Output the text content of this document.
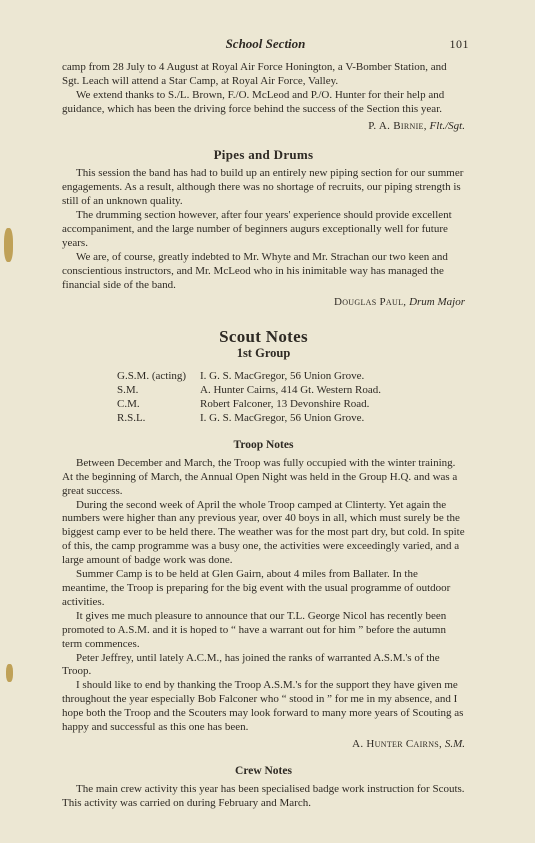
School Section	101

camp from 28 July to 4 August at Royal Air Force Honington, a V-Bomber Station, and Sgt. Leach will attend a Star Camp, at Royal Air Force, Valley.

We extend thanks to S./L. Brown, F./O. McLeod and P./O. Hunter for their help and guidance, which has been the driving force behind the success of the Section this year.

P. A. Birnie, Flt./Sgt.

Pipes and Drums

This session the band has had to build up an entirely new piping section for our summer engagements. As a result, although there was no shortage of recruits, our piping strength is still of an unknown quality.

The drumming section however, after four years' experience should provide excellent accompaniment, and the large number of beginners augurs exceptionally well for future years.

We are, of course, greatly indebted to Mr. Whyte and Mr. Strachan our two keen and conscientious instructors, and Mr. McLeod who in his inimitable way has managed the financial side of the band.

Douglas Paul, Drum Major

Scout Notes
1st Group
G.S.M. (acting)	I. G. S. MacGregor, 56 Union Grove.
S.M.	A. Hunter Cairns, 414 Gt. Western Road.
C.M.	Robert Falconer, 13 Devonshire Road.
R.S.L.	I. G. S. MacGregor, 56 Union Grove.
Troop Notes

Between December and March, the Troop was fully occupied with the winter training. At the beginning of March, the Annual Open Night was held in the Group H.Q. and was a great success.

During the second week of April the whole Troop camped at Clinterty. Yet again the numbers were higher than any previous year, over 40 boys in all, which must surely be the biggest camp ever to be held there. The weather was for the most part dry, but cold. In spite of this, the camp programme was a busy one, the activities were exceedingly varied, and a large amount of badge work was done.

Summer Camp is to be held at Glen Gairn, about 4 miles from Ballater. In the meantime, the Troop is preparing for the big event with the usual programme of outdoor activities.

It gives me much pleasure to announce that our T.L. George Nicol has recently been promoted to A.S.M. and it is hoped to “ have a warrant out for him ” before the autumn term commences.

Peter Jeffrey, until lately A.C.M., has joined the ranks of warranted A.S.M.'s of the Troop.

I should like to end by thanking the Troop A.S.M.'s for the support they have given me throughout the year especially Bob Falconer who “ stood in ” for me in my absence, and I hope both the Troop and the Scouters may look forward to many more years of Scouting as happy and successful as this one has been.

A. Hunter Cairns, S.M.

Crew Notes

The main crew activity this year has been specialised badge work instruction for Scouts. This activity was carried on during February and March.
